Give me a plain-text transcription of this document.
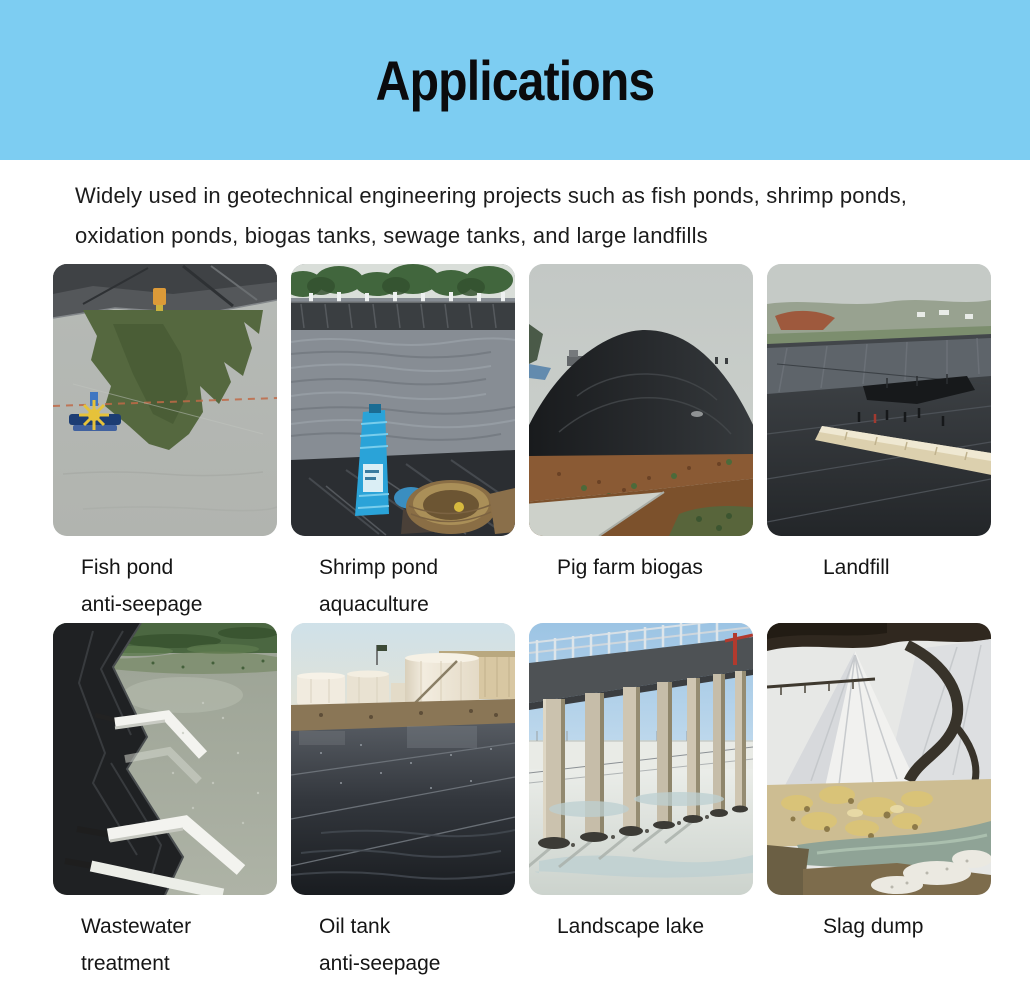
Applications

Widely used in geotechnical engineering projects such as fish ponds, shrimp ponds,
oxidation ponds, biogas tanks, sewage tanks, and large landfills

Fish pond
anti-seepage
Shrimp pond
aquaculture
Pig farm biogas	Landfill
Wastewater
treatment
Oil tank
anti-seepage
Landscape lake	Slag dump
